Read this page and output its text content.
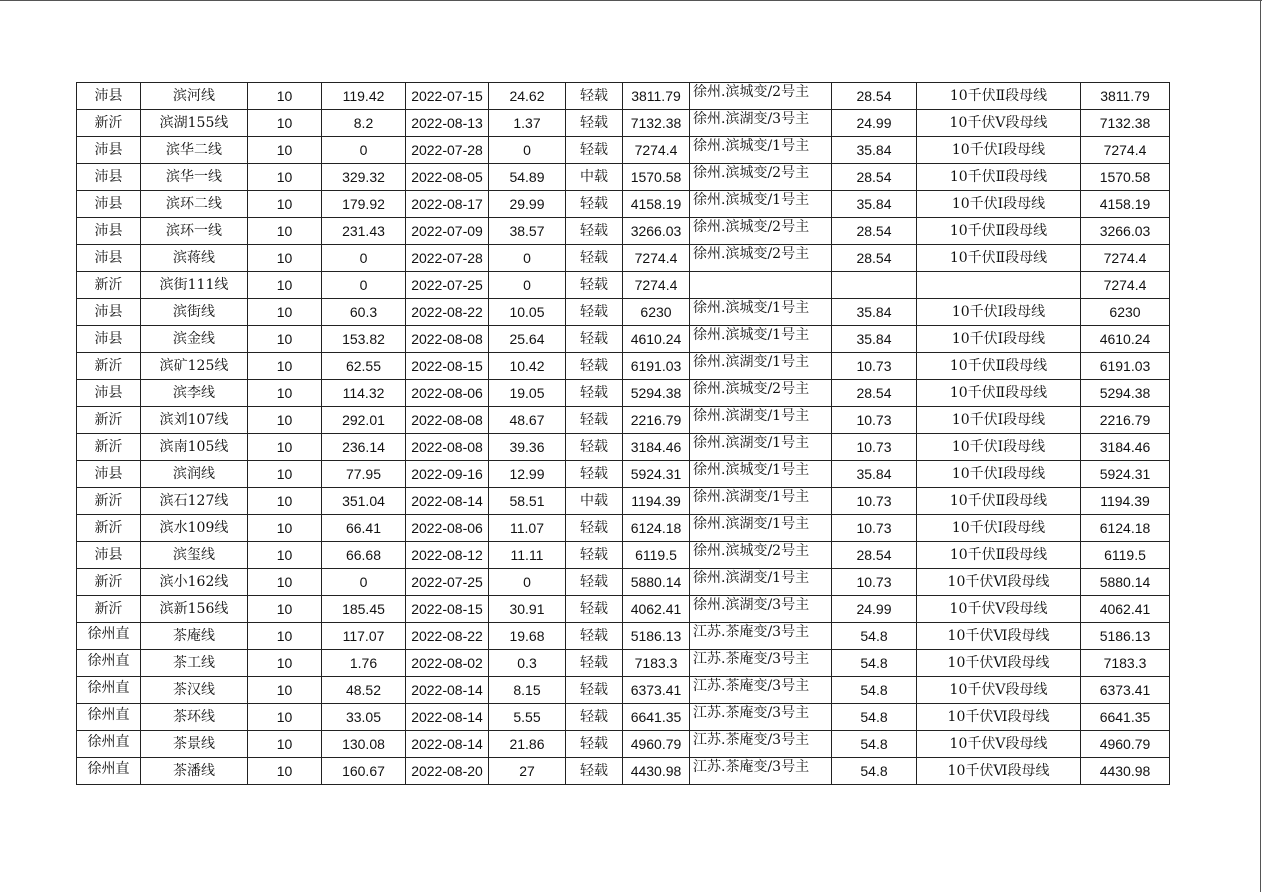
沛县	滨河线	10	119.42	2022-07-15	24.62	轻载	3811.79	徐州.滨城变/2号主	28.54	10千伏Ⅱ段母线	3811.79
新沂	滨湖155线	10	8.2	2022-08-13	1.37	轻载	7132.38	徐州.滨湖变/3号主	24.99	10千伏Ⅴ段母线	7132.38
沛县	滨华二线	10	0	2022-07-28	0	轻载	7274.4	徐州.滨城变/1号主	35.84	10千伏Ⅰ段母线	7274.4
沛县	滨华一线	10	329.32	2022-08-05	54.89	中载	1570.58	徐州.滨城变/2号主	28.54	10千伏Ⅱ段母线	1570.58
沛县	滨环二线	10	179.92	2022-08-17	29.99	轻载	4158.19	徐州.滨城变/1号主	35.84	10千伏Ⅰ段母线	4158.19
沛县	滨环一线	10	231.43	2022-07-09	38.57	轻载	3266.03	徐州.滨城变/2号主	28.54	10千伏Ⅱ段母线	3266.03
沛县	滨蒋线	10	0	2022-07-28	0	轻载	7274.4	徐州.滨城变/2号主	28.54	10千伏Ⅱ段母线	7274.4
新沂	滨街111线	10	0	2022-07-25	0	轻载	7274.4				7274.4
沛县	滨街线	10	60.3	2022-08-22	10.05	轻载	6230	徐州.滨城变/1号主	35.84	10千伏Ⅰ段母线	6230
沛县	滨金线	10	153.82	2022-08-08	25.64	轻载	4610.24	徐州.滨城变/1号主	35.84	10千伏Ⅰ段母线	4610.24
新沂	滨矿125线	10	62.55	2022-08-15	10.42	轻载	6191.03	徐州.滨湖变/1号主	10.73	10千伏Ⅱ段母线	6191.03
沛县	滨李线	10	114.32	2022-08-06	19.05	轻载	5294.38	徐州.滨城变/2号主	28.54	10千伏Ⅱ段母线	5294.38
新沂	滨刘107线	10	292.01	2022-08-08	48.67	轻载	2216.79	徐州.滨湖变/1号主	10.73	10千伏Ⅰ段母线	2216.79
新沂	滨南105线	10	236.14	2022-08-08	39.36	轻载	3184.46	徐州.滨湖变/1号主	10.73	10千伏Ⅰ段母线	3184.46
沛县	滨润线	10	77.95	2022-09-16	12.99	轻载	5924.31	徐州.滨城变/1号主	35.84	10千伏Ⅰ段母线	5924.31
新沂	滨石127线	10	351.04	2022-08-14	58.51	中载	1194.39	徐州.滨湖变/1号主	10.73	10千伏Ⅱ段母线	1194.39
新沂	滨水109线	10	66.41	2022-08-06	11.07	轻载	6124.18	徐州.滨湖变/1号主	10.73	10千伏Ⅰ段母线	6124.18
沛县	滨玺线	10	66.68	2022-08-12	11.11	轻载	6119.5	徐州.滨城变/2号主	28.54	10千伏Ⅱ段母线	6119.5
新沂	滨小162线	10	0	2022-07-25	0	轻载	5880.14	徐州.滨湖变/1号主	10.73	10千伏Ⅵ段母线	5880.14
新沂	滨新156线	10	185.45	2022-08-15	30.91	轻载	4062.41	徐州.滨湖变/3号主	24.99	10千伏Ⅴ段母线	4062.41
徐州直	茶庵线	10	117.07	2022-08-22	19.68	轻载	5186.13	江苏.茶庵变/3号主	54.8	10千伏Ⅵ段母线	5186.13
徐州直	茶工线	10	1.76	2022-08-02	0.3	轻载	7183.3	江苏.茶庵变/3号主	54.8	10千伏Ⅵ段母线	7183.3
徐州直	茶汉线	10	48.52	2022-08-14	8.15	轻载	6373.41	江苏.茶庵变/3号主	54.8	10千伏Ⅴ段母线	6373.41
徐州直	茶环线	10	33.05	2022-08-14	5.55	轻载	6641.35	江苏.茶庵变/3号主	54.8	10千伏Ⅵ段母线	6641.35
徐州直	茶景线	10	130.08	2022-08-14	21.86	轻载	4960.79	江苏.茶庵变/3号主	54.8	10千伏Ⅴ段母线	4960.79
徐州直	茶潘线	10	160.67	2022-08-20	27	轻载	4430.98	江苏.茶庵变/3号主	54.8	10千伏Ⅵ段母线	4430.98
